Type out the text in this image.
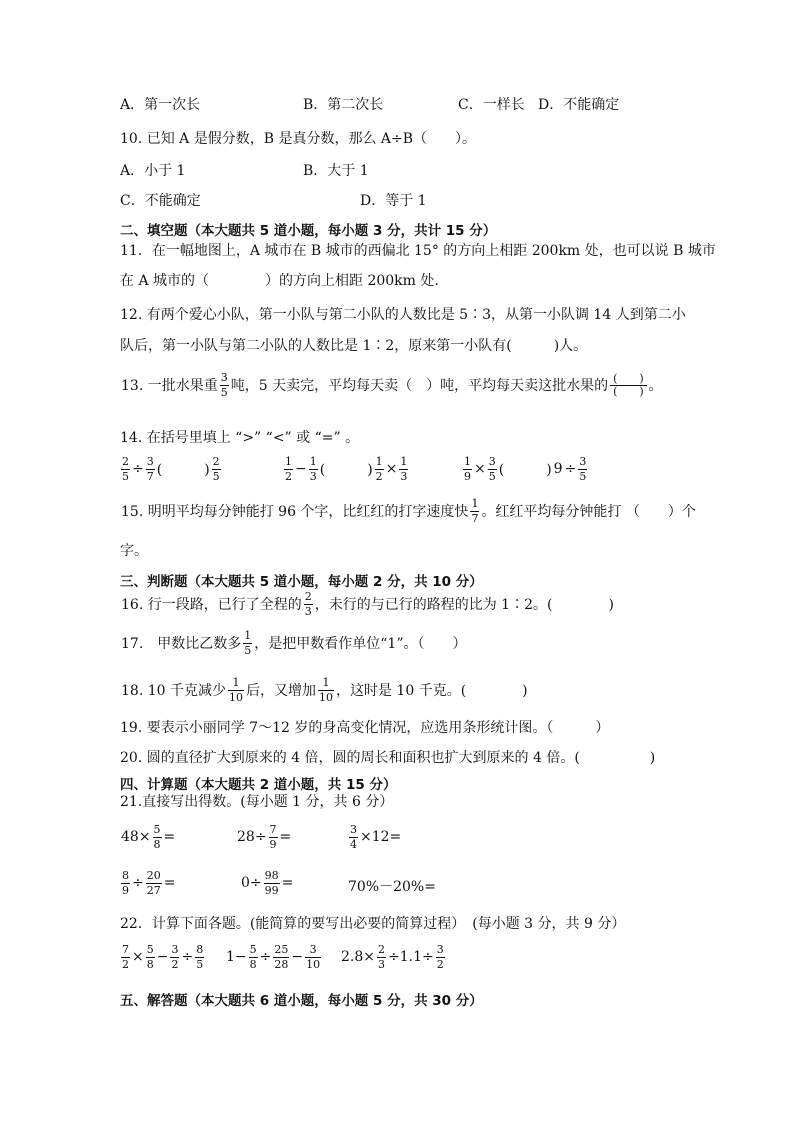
A．第一次长	B．第二次长	C．一样长 D．不能确定
10. 已知 A 是假分数，B 是真分数，那么 A÷B（　　）。
A．小于 1	B．大于 1
C．不能确定	D．等于 1
二、填空题（本大题共 5 道小题，每小题 3 分，共计 15 分）
11．在一幅地图上，A 城市在 B 城市的西偏北 15° 的方向上相距 200km 处，也可以说 B 城市
在 A 城市的（　　　　）的方向上相距 200km 处.
12. 有两个爱心小队，第一小队与第二小队的人数比是 5∶3，从第一小队调 14 人到第二小
队后，第一小队与第二小队的人数比是 1∶2，原来第一小队有(　　　)人。
13. 一批水果重 $\frac{3}{5}$ 吨，5 天卖完，平均每天卖（　）吨，平均每天卖这批水果的 (　　)
(　　) 。
14. 在括号里填上 “>” “<” 或 “=” 。
$\frac{2}{5} \div \frac{3}{7}$ (　　　) $\frac{2}{5}$	$\frac{1}{2} - \frac{1}{3}$ (　　　) $\frac{1}{2} \times \frac{1}{3}$	$\frac{1}{9} \times \frac{3}{5}$ (　　　) $9 \div \frac{3}{5}$
15. 明明平均每分钟能打 96 个字，比红红的打字速度快 $\frac{1}{7}$ 。红红平均每分钟能打 （　　）个
字。
三、判断题（本大题共 5 道小题，每小题 2 分，共 10 分）
16. 行一段路，已行了全程的 $\frac{2}{3}$ ，未行的与已行的路程的比为 1∶2。(　　　　)
17.　甲数比乙数多 $\frac{1}{5}$ ，是把甲数看作单位“1”。（　　）
18. 10 千克减少 $\frac{1}{10}$ 后，又增加 $\frac{1}{10}$ ，这时是 10 千克。(　　　　)
19. 要表示小丽同学 7～12 岁的身高变化情况，应选用条形统计图。（　　　）
20. 圆的直径扩大到原来的 4 倍，圆的周长和面积也扩大到原来的 4 倍。(　　　　　)
四、计算题（本大题共 2 道小题，共 15 分）
21.直接写出得数。(每小题 1 分，共 6 分）
$48\times \frac{5}{8}$ =	$28\div \frac{7}{9}$ =	$\frac{3}{4} \times 12=$
$\frac{8}{9} \div \frac{20}{27}$ =	$0\div \frac{98}{99}$ =	70%－20%=
22．计算下面各题。(能简算的要写出必要的简算过程）　(每小题 3 分，共 9 分）
$\frac{7}{2} \times \frac{5}{8} - \frac{3}{2} \div \frac{8}{5} 1- \frac{5}{8} \div \frac{25}{28} - \frac{3}{10} 2.8\times \frac{2}{3} \div 1.1\div \frac{3}{2}$
五、解答题（本大题共 6 道小题，每小题 5 分，共 30 分）
